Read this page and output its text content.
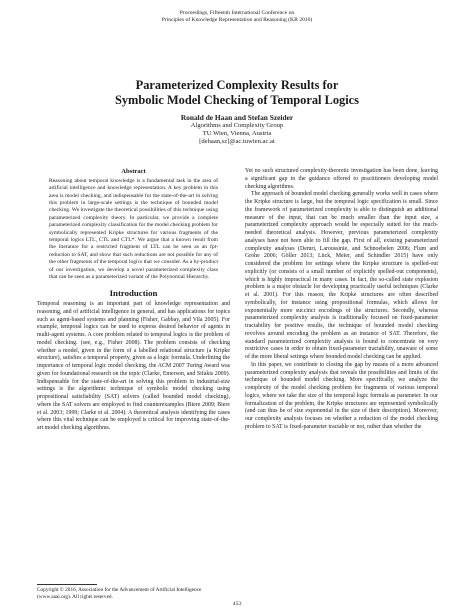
Proceedings, Fifteenth International Conference on
Principles of Knowledge Representation and Reasoning (KR 2016)
Parameterized Complexity Results for
Symbolic Model Checking of Temporal Logics
Ronald de Haan and Stefan Szeider
Algorithms and Complexity Group
TU Wien, Vienna, Austria
[dehaan,sz]@ac.tuwien.ac.at
Abstract

Reasoning about temporal knowledge is a fundamental task in the area of artificial intelligence and knowledge representation. A key problem in this area is model checking, and indispensable for the state-of-the-art in solving this problem in large-scale settings is the technique of bounded model checking. We investigate the theoretical possibilities of this technique using parameterized complexity theory. In particular, we provide a complete parameterized complexity classification for the model checking problem for symbolically represented Kripke structures for various fragments of the temporal logics LTL, CTL and CTL*. We argue that a known result from the literature for a restricted fragment of LTL can be seen as an fpt-reduction to SAT, and show that such reductions are not possible for any of the other fragments of the temporal logics that we consider. As a by-product of our investigation, we develop a novel parameterized complexity class that can be seen as a parameterized variant of the Polynomial Hierarchy.

Introduction

Temporal reasoning is an important part of knowledge representation and reasoning, and of artificial intelligence in general, and has applications for topics such as agent-based systems and planning (Fisher, Gabbay, and Vila 2005). For example, temporal logics can be used to express desired behavior of agents in multi-agent systems. A core problem related to temporal logics is the problem of model checking. (see, e.g., Fisher 2008). The problem consists of checking whether a model, given in the form of a labelled relational structure (a Kripke structure), satisfies a temporal property, given as a logic formula. Underlining the importance of temporal logic model checking, the ACM 2007 Turing Award was given for foundational research on the topic (Clarke, Emerson, and Sifakis 2009). Indispensable for the state-of-the-art in solving this problem in industrial-size settings is the algorithmic technique of symbolic model checking using propositional satisfiability (SAT) solvers (called bounded model checking), where the SAT solvers are employed to find counterexamples (Biere 2009; Biere et al. 2003; 1999; Clarke et al. 2004). A theoretical analysis identifying the cases where this vital technique can be employed is critical for improving state-of-the-art model checking algorithms.

Yet no such structured complexity-theoretic investigation has been done, leaving a significant gap in the guidance offered to practitioners developing model checking algorithms.

The approach of bounded model checking generally works well in cases where the Kripke structure is large, but the temporal logic specification is small. Since the framework of parameterized complexity is able to distinguish an additional measure of the input, that can be much smaller than the input size, a parameterized complexity approach would be especially suited for the much-needed theoretical analysis. However, previous parameterized complexity analyses have not been able to fill the gap. First of all, existing parameterized complexity analyses (Demri, Laroussinie, and Schnoebelen 2006; Flum and Grohe 2006; Göller 2013; Lück, Meier, and Schindler 2015) have only considered the problem for settings where the Kripke structure is spelled-out explicitly (or consists of a small number of explicitly spelled-out components), which is highly impractical in many cases. In fact, the so-called state explosion problem is a major obstacle for developing practically useful techniques (Clarke et al. 2001). For this reason, the Kripke structures are often described symbolically, for instance using propositional formulas, which allows for exponentially more succinct encodings of the structures. Secondly, whereas parameterized complexity analysis is traditionally focused on fixed-parameter tractability for positive results, the technique of bounded model checking revolves around encoding the problem as an instance of SAT. Therefore, the standard parameterized complexity analysis is bound to concentrate on very restrictive cases in order to obtain fixed-parameter tractability, unaware of some of the more liberal settings where bounded model checking can be applied.

In this paper, we contribute to closing the gap by means of a more advanced parameterized complexity analysis that reveals the possibilities and limits of the technique of bounded model checking. More specifically, we analyze the complexity of the model checking problem for fragments of various temporal logics, where we take the size of the temporal logic formula as parameter. In our formalization of the problem, the Kripke structures are represented symbolically (and can thus be of size exponential in the size of their description). Moreover, our complexity analysis focuses on whether a reduction of the model checking problem to SAT is fixed-parameter tractable or not, rather than whether the

Copyright © 2016, Association for the Advancement of Artificial Intelligence (www.aaai.org). All rights reserved.
453
